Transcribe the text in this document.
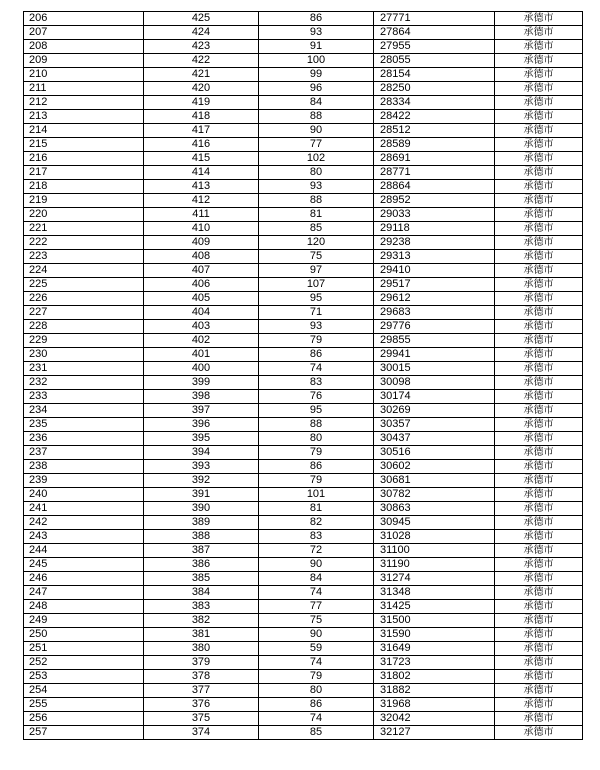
206	425	86	27771	承德市
207	424	93	27864	承德市
208	423	91	27955	承德市
209	422	100	28055	承德市
210	421	99	28154	承德市
211	420	96	28250	承德市
212	419	84	28334	承德市
213	418	88	28422	承德市
214	417	90	28512	承德市
215	416	77	28589	承德市
216	415	102	28691	承德市
217	414	80	28771	承德市
218	413	93	28864	承德市
219	412	88	28952	承德市
220	411	81	29033	承德市
221	410	85	29118	承德市
222	409	120	29238	承德市
223	408	75	29313	承德市
224	407	97	29410	承德市
225	406	107	29517	承德市
226	405	95	29612	承德市
227	404	71	29683	承德市
228	403	93	29776	承德市
229	402	79	29855	承德市
230	401	86	29941	承德市
231	400	74	30015	承德市
232	399	83	30098	承德市
233	398	76	30174	承德市
234	397	95	30269	承德市
235	396	88	30357	承德市
236	395	80	30437	承德市
237	394	79	30516	承德市
238	393	86	30602	承德市
239	392	79	30681	承德市
240	391	101	30782	承德市
241	390	81	30863	承德市
242	389	82	30945	承德市
243	388	83	31028	承德市
244	387	72	31100	承德市
245	386	90	31190	承德市
246	385	84	31274	承德市
247	384	74	31348	承德市
248	383	77	31425	承德市
249	382	75	31500	承德市
250	381	90	31590	承德市
251	380	59	31649	承德市
252	379	74	31723	承德市
253	378	79	31802	承德市
254	377	80	31882	承德市
255	376	86	31968	承德市
256	375	74	32042	承德市
257	374	85	32127	承德市
